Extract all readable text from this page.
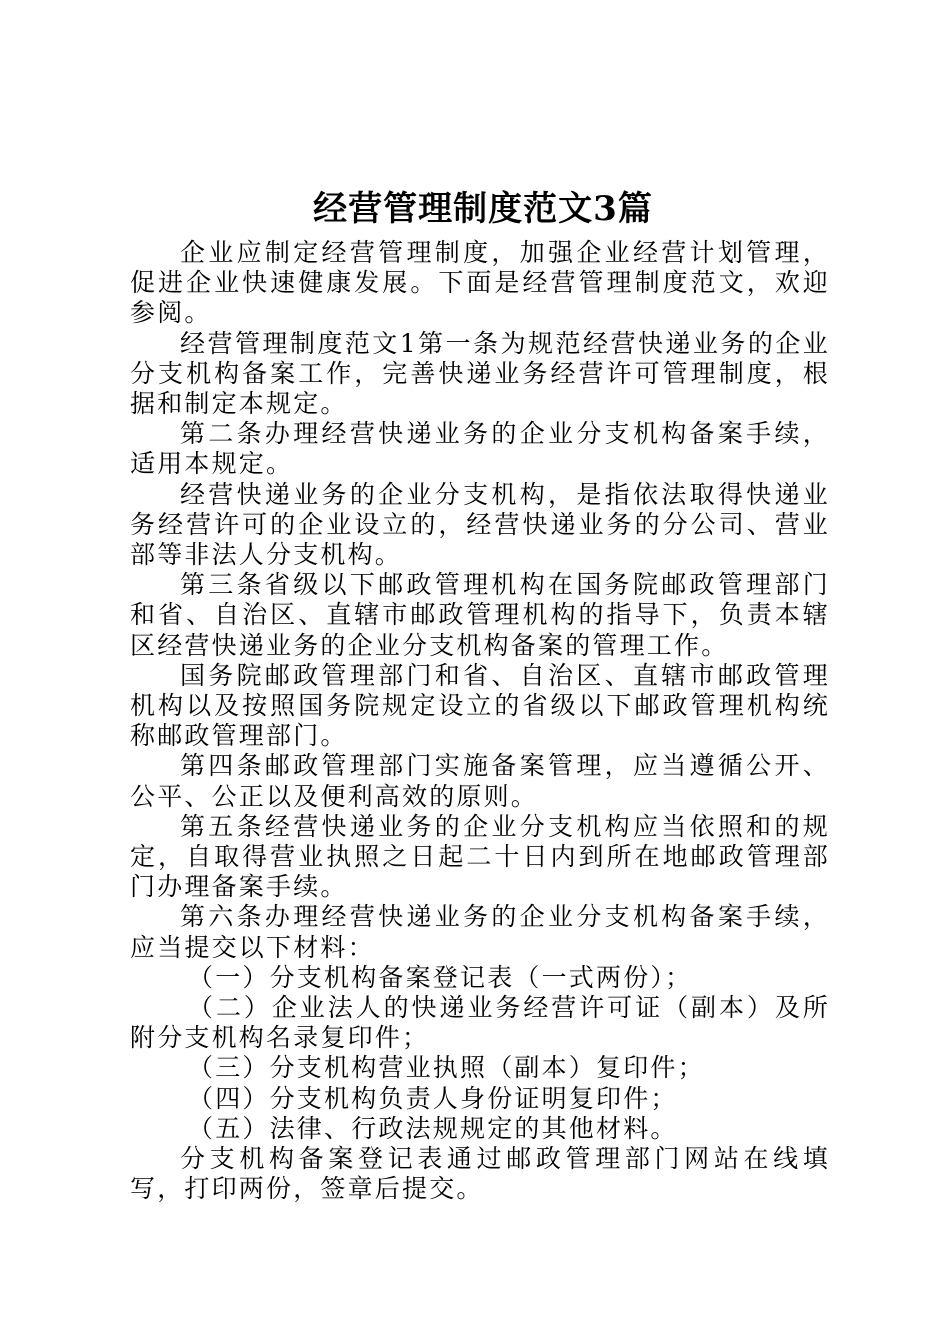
经营管理制度范文3篇

企业应制定经营管理制度，加强企业经营计划管理，促进企业快速健康发展。下面是经营管理制度范文，欢迎参阅。

经营管理制度范文1第一条为规范经营快递业务的企业分支机构备案工作，完善快递业务经营许可管理制度，根据和制定本规定。

第二条办理经营快递业务的企业分支机构备案手续，适用本规定。

经营快递业务的企业分支机构，是指依法取得快递业务经营许可的企业设立的，经营快递业务的分公司、营业部等非法人分支机构。

第三条省级以下邮政管理机构在国务院邮政管理部门和省、自治区、直辖市邮政管理机构的指导下，负责本辖区经营快递业务的企业分支机构备案的管理工作。

国务院邮政管理部门和省、自治区、直辖市邮政管理机构以及按照国务院规定设立的省级以下邮政管理机构统称邮政管理部门。

第四条邮政管理部门实施备案管理，应当遵循公开、公平、公正以及便利高效的原则。

第五条经营快递业务的企业分支机构应当依照和的规定，自取得营业执照之日起二十日内到所在地邮政管理部门办理备案手续。

第六条办理经营快递业务的企业分支机构备案手续，应当提交以下材料：

（一）分支机构备案登记表（一式两份）；

（二）企业法人的快递业务经营许可证（副本）及所附分支机构名录复印件；

（三）分支机构营业执照（副本）复印件；

（四）分支机构负责人身份证明复印件；

（五）法律、行政法规规定的其他材料。

分支机构备案登记表通过邮政管理部门网站在线填写，打印两份，签章后提交。
